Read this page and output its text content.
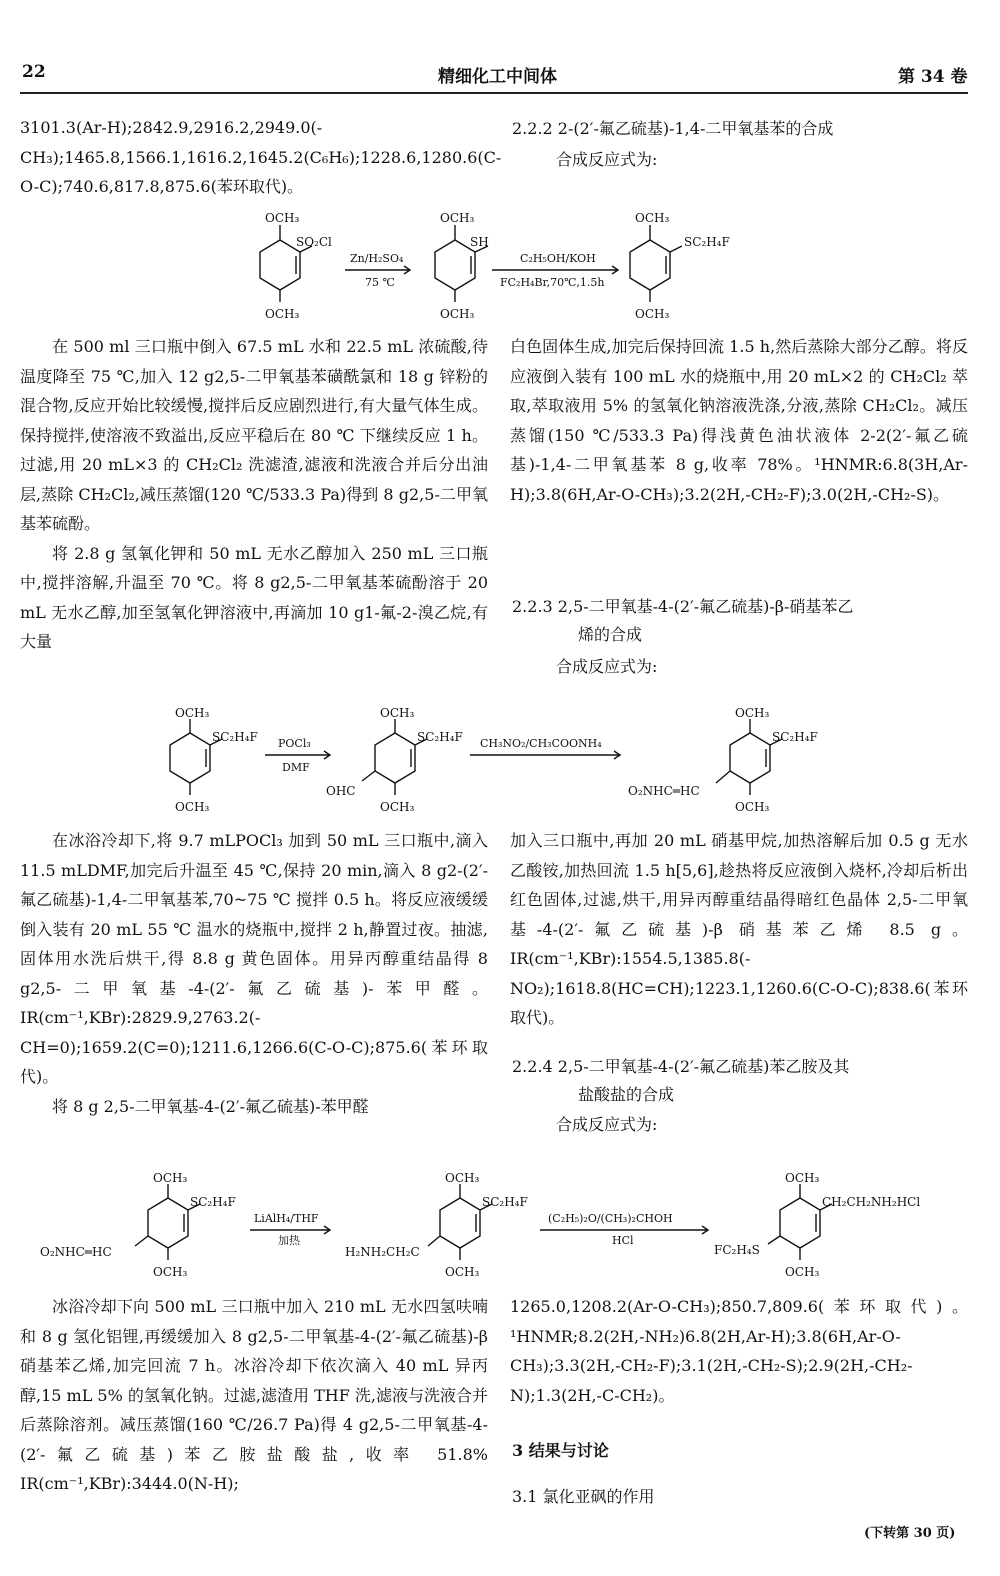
22	精细化工中间体	第 34 卷

3101.3(Ar-H);2842.9,2916.2,2949.0(-CH₃);1465.8,1566.1,1616.2,1645.2(C₆H₆);1228.6,1280.6(C-O-C);740.6,817.8,875.6(苯环取代)。

2.2.2 2-(2′-氟乙硫基)-1,4-二甲氧基苯的合成
合成反应式为:
OCH₃
SO₂Cl
OCH₃
Zn/H₂SO₄
75 ℃
OCH₃
SH
OCH₃
C₂H₅OH/KOH
FC₂H₄Br,70℃,1.5h
OCH₃
SC₂H₄F
OCH₃

在 500 ml 三口瓶中倒入 67.5 mL 水和 22.5 mL 浓硫酸,待温度降至 75 ℃,加入 12 g2,5-二甲氧基苯磺酰氯和 18 g 锌粉的混合物,反应开始比较缓慢,搅拌后反应剧烈进行,有大量气体生成。保持搅拌,使溶液不致溢出,反应平稳后在 80 ℃ 下继续反应 1 h。过滤,用 20 mL×3 的 CH₂Cl₂ 洗滤渣,滤液和洗液合并后分出油层,蒸除 CH₂Cl₂,减压蒸馏(120 ℃/533.3 Pa)得到 8 g2,5-二甲氧基苯硫酚。

将 2.8 g 氢氧化钾和 50 mL 无水乙醇加入 250 mL 三口瓶中,搅拌溶解,升温至 70 ℃。将 8 g2,5-二甲氧基苯硫酚溶于 20 mL 无水乙醇,加至氢氧化钾溶液中,再滴加 10 g1-氟-2-溴乙烷,有大量

白色固体生成,加完后保持回流 1.5 h,然后蒸除大部分乙醇。将反应液倒入装有 100 mL 水的烧瓶中,用 20 mL×2 的 CH₂Cl₂ 萃取,萃取液用 5% 的氢氧化钠溶液洗涤,分液,蒸除 CH₂Cl₂。减压蒸馏(150 ℃/533.3 Pa)得浅黄色油状液体 2-2(2′-氟乙硫基)-1,4-二甲氧基苯 8 g,收率 78%。¹HNMR:6.8(3H,Ar-H);3.8(6H,Ar-O-CH₃);3.2(2H,-CH₂-F);3.0(2H,-CH₂-S)。

2.2.3 2,5-二甲氧基-4-(2′-氟乙硫基)-β-硝基苯乙
烯的合成
合成反应式为:
OCH₃
SC₂H₄F
OCH₃
POCl₃
DMF
OCH₃
SC₂H₄F
OHC
OCH₃
CH₃NO₂/CH₃COONH₄
OCH₃
SC₂H₄F
O₂NHC═HC
OCH₃

在冰浴冷却下,将 9.7 mLPOCl₃ 加到 50 mL 三口瓶中,滴入 11.5 mLDMF,加完后升温至 45 ℃,保持 20 min,滴入 8 g2-(2′-氟乙硫基)-1,4-二甲氧基苯,70~75 ℃ 搅拌 0.5 h。将反应液缓缓倒入装有 20 mL 55 ℃ 温水的烧瓶中,搅拌 2 h,静置过夜。抽滤,固体用水洗后烘干,得 8.8 g 黄色固体。用异丙醇重结晶得 8 g2,5-二甲氧基-4-(2′-氟乙硫基)-苯甲醛。IR(cm⁻¹,KBr):2829.9,2763.2(-CH=0);1659.2(C=0);1211.6,1266.6(C-O-C);875.6(苯环取代)。

将 8 g 2,5-二甲氧基-4-(2′-氟乙硫基)-苯甲醛

加入三口瓶中,再加 20 mL 硝基甲烷,加热溶解后加 0.5 g 无水乙酸铵,加热回流 1.5 h[5,6],趁热将反应液倒入烧杯,冷却后析出红色固体,过滤,烘干,用异丙醇重结晶得暗红色晶体 2,5-二甲氧基-4-(2′-氟乙硫基)-β 硝基苯乙烯 8.5 g。IR(cm⁻¹,KBr):1554.5,1385.8(-NO₂);1618.8(HC=CH);1223.1,1260.6(C-O-C);838.6(苯环取代)。

2.2.4 2,5-二甲氧基-4-(2′-氟乙硫基)苯乙胺及其
盐酸盐的合成
合成反应式为:
OCH₃
SC₂H₄F
O₂NHC═HC
OCH₃
LiAlH₄/THF
加热
OCH₃
SC₂H₄F
H₂NH₂CH₂C
OCH₃
(C₂H₅)₂O/(CH₃)₂CHOH
HCl
OCH₃
CH₂CH₂NH₂HCl
FC₂H₄S
OCH₃

冰浴冷却下向 500 mL 三口瓶中加入 210 mL 无水四氢呋喃和 8 g 氢化铝锂,再缓缓加入 8 g2,5-二甲氧基-4-(2′-氟乙硫基)-β 硝基苯乙烯,加完回流 7 h。冰浴冷却下依次滴入 40 mL 异丙醇,15 mL 5% 的氢氧化钠。过滤,滤渣用 THF 洗,滤液与洗液合并后蒸除溶剂。减压蒸馏(160 ℃/26.7 Pa)得 4 g2,5-二甲氧基-4-(2′-氟乙硫基)苯乙胺盐酸盐,收率 51.8% IR(cm⁻¹,KBr):3444.0(N-H);

1265.0,1208.2(Ar-O-CH₃);850.7,809.6(苯环取代)。¹HNMR;8.2(2H,-NH₂)6.8(2H,Ar-H);3.8(6H,Ar-O-CH₃);3.3(2H,-CH₂-F);3.1(2H,-CH₂-S);2.9(2H,-CH₂-N);1.3(2H,-C-CH₂)。

3 结果与讨论
3.1 氯化亚砜的作用
(下转第 30 页)
